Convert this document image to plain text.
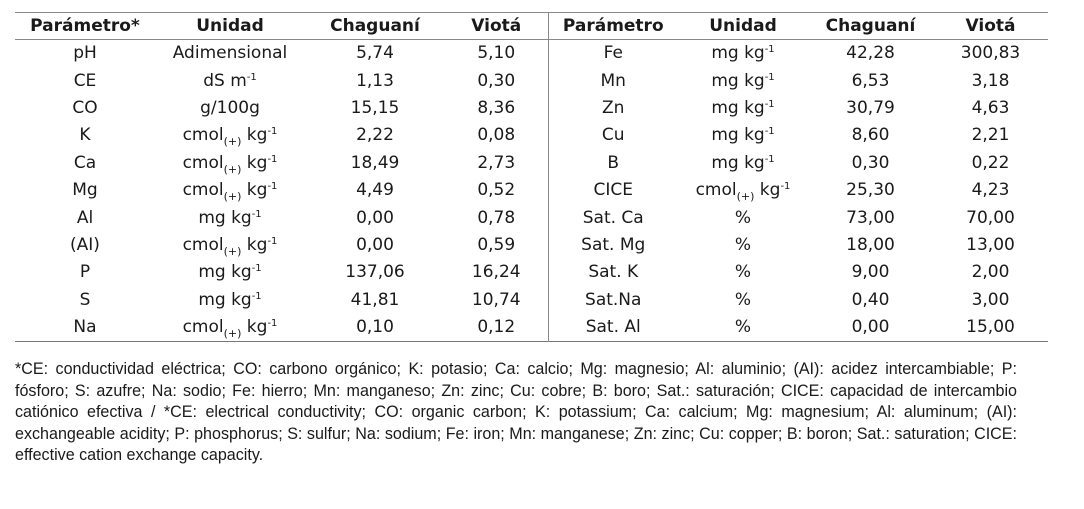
Parámetro*	Unidad	Chaguaní	Viotá	Parámetro	Unidad	Chaguaní	Viotá
pH	Adimensional	5,74	5,10	Fe	mg $kg^{-1}$	42,28	300,83
CE	dS $m^{-1}$	1,13	0,30	Mn	mg $kg^{-1}$	6,53	3,18
CO	g/100g	15,15	8,36	Zn	mg $kg^{-1}$	30,79	4,63
K	cmol$_{(+)}$ $kg^{-1}$	2,22	0,08	Cu	mg $kg^{-1}$	8,60	2,21
Ca	cmol$_{(+)}$ $kg^{-1}$	18,49	2,73	B	mg $kg^{-1}$	0,30	0,22
Mg	cmol$_{(+)}$ $kg^{-1}$	4,49	0,52	CICE	cmol$_{(+)}$ $kg^{-1}$	25,30	4,23
Al	mg $kg^{-1}$	0,00	0,78	Sat. Ca	%	73,00	70,00
(AI)	cmol$_{(+)}$ $kg^{-1}$	0,00	0,59	Sat. Mg	%	18,00	13,00
P	mg $kg^{-1}$	137,06	16,24	Sat. K	%	9,00	2,00
S	mg $kg^{-1}$	41,81	10,74	Sat.Na	%	0,40	3,00
Na	cmol$_{(+)}$ $kg^{-1}$	0,10	0,12	Sat. Al	%	0,00	15,00
*CE: conductividad eléctrica; CO: carbono orgánico; K: potasio; Ca: calcio; Mg: magnesio; Al: aluminio; (AI): acidez intercambiable; P: fósforo; S: azufre; Na: sodio; Fe: hierro; Mn: manganeso; Zn: zinc; Cu: cobre; B: boro; Sat.: saturación; CICE: capacidad de intercambio catiónico efectiva / *CE: electrical conductivity; CO: organic carbon; K: potassium; Ca: calcium; Mg: magnesium; Al: aluminum; (AI): exchangeable acidity; P: phosphorus; S: sulfur; Na: sodium; Fe: iron; Mn: manganese; Zn: zinc; Cu: copper; B: boron; Sat.: saturation; CICE: effective cation exchange capacity.
